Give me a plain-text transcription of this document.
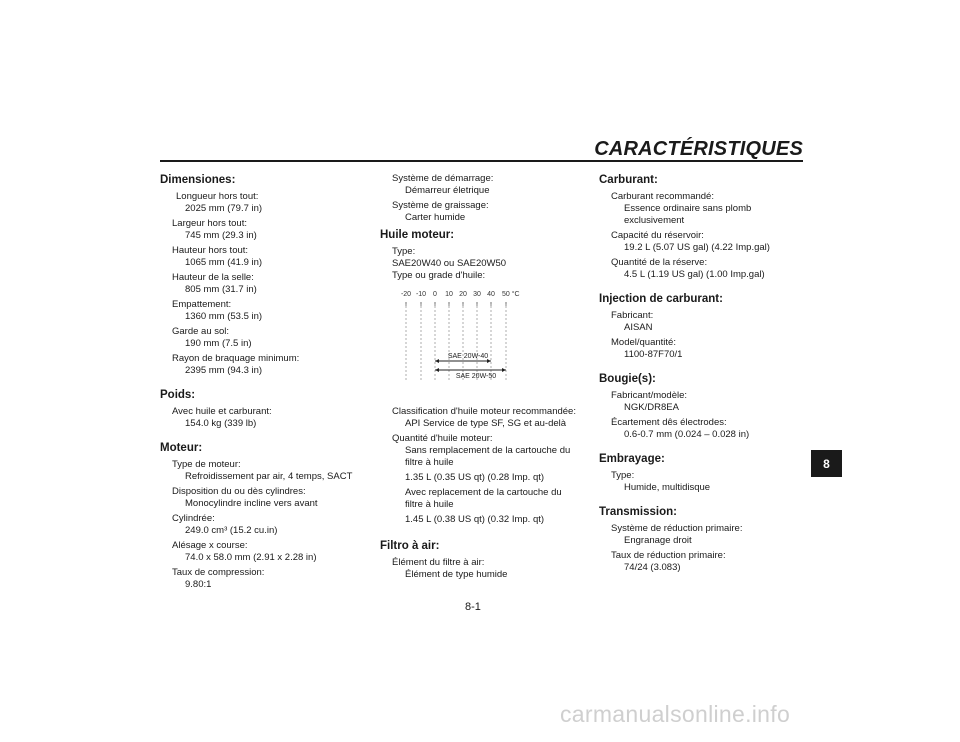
CARACTÉRISTIQUES
8
Dimensiones:
Longueur hors tout:
2025 mm (79.7 in)
Largeur hors tout:
745 mm (29.3 in)
Hauteur hors tout:
1065 mm (41.9 in)
Hauteur de la selle:
805 mm (31.7 in)
Empattement:
1360 mm (53.5 in)
Garde au sol:
190 mm (7.5 in)
Rayon de braquage minimum:
2395 mm (94.3 in)
Poids:
Avec huile et carburant:
154.0 kg (339 lb)
Moteur:
Type de moteur:
Refroidissement par air, 4 temps, SACT
Disposition du ou dès cylindres:
Monocylindre incline vers avant
Cylindrée:
249.0 cm³ (15.2 cu.in)
Alésage x course:
74.0 x 58.0 mm (2.91 x 2.28 in)
Taux de compression:
9.80:1
Système de démarrage:
Démarreur életrique
Système de graissage:
Carter humide
Huile moteur:
Type:
SAE20W40 ou SAE20W50
Type ou grade d'huile:
-20 -10 0 10 20 30 40 50 °C
SAE 20W-40
SAE 20W-50
Classification d'huile moteur recommandée:
API Service de type SF, SG et au-delà
Quantité d'huile moteur:
Sans remplacement de la cartouche du
filtre à huile
1.35 L (0.35 US qt) (0.28 Imp. qt)
Avec replacement de la cartouche du
filtre à huile
1.45 L (0.38 US qt) (0.32 Imp. qt)
Filtro à air:
Élément du filtre à air:
Élément de type humide
Carburant:
Carburant recommandé:
Essence ordinaire sans plomb
exclusivement
Capacité du réservoir:
19.2 L (5.07 US gal) (4.22 Imp.gal)
Quantité de la réserve:
4.5 L (1.19 US gal) (1.00 Imp.gal)
Injection de carburant:
Fabricant:
AISAN
Model/quantité:
1100-87F70/1
Bougie(s):
Fabricant/modèle:
NGK/DR8EA
Écartement dês électrodes:
0.6-0.7 mm (0.024 – 0.028 in)
Embrayage:
Type:
Humide, multidisque
Transmission:
Système de réduction primaire:
Engranage droit
Taux de réduction primaire:
74/24 (3.083)
8-1
carmanualsonline.info
